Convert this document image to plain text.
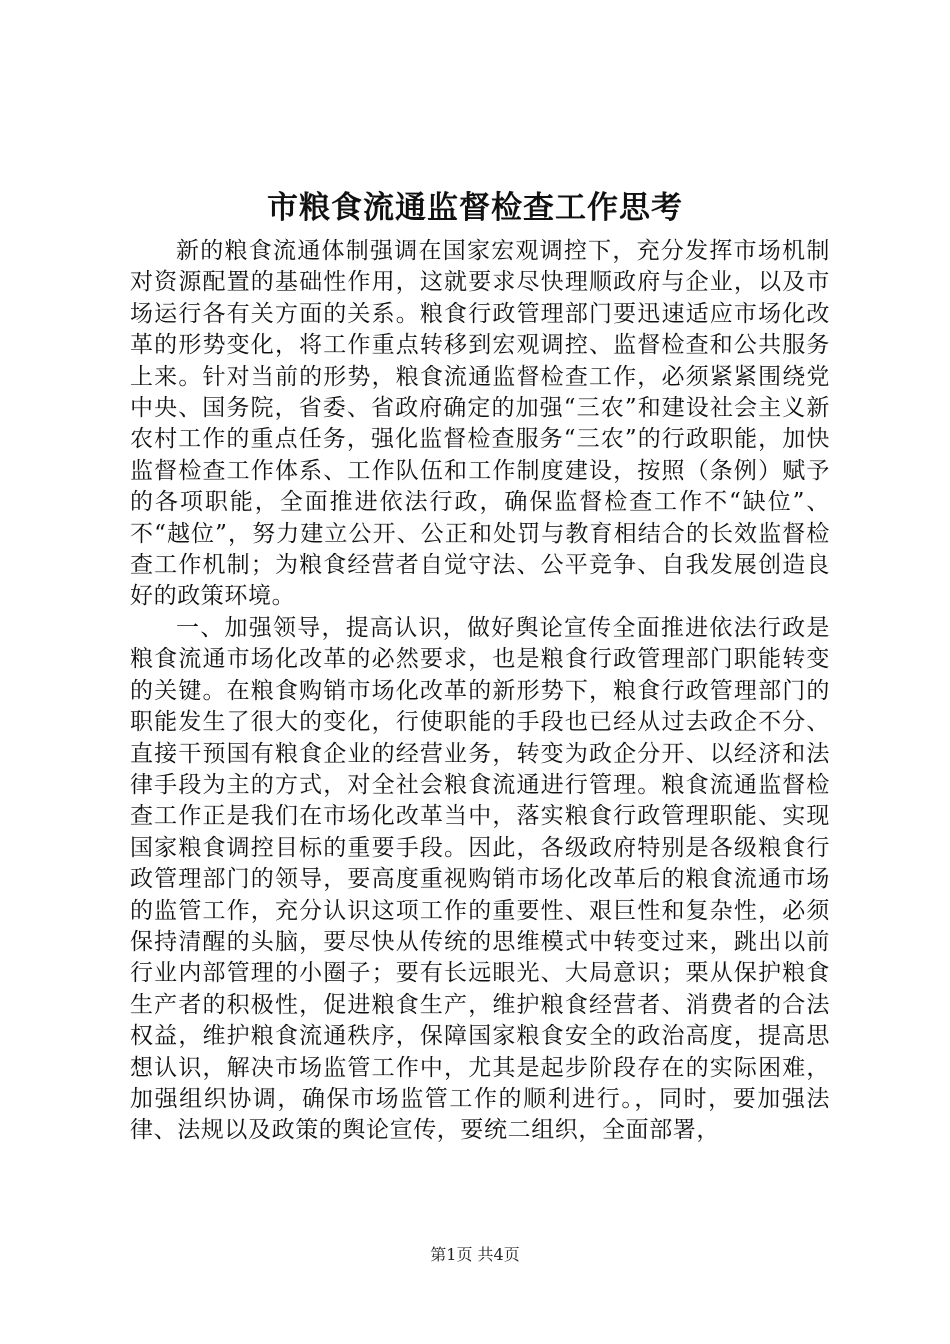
市粮食流通监督检查工作思考

新的粮食流通体制强调在国家宏观调控下，充分发挥市场机制对资源配置的基础性作用，这就要求尽快理顺政府与企业，以及市场运行各有关方面的关系。粮食行政管理部门要迅速适应市场化改革的形势变化，将工作重点转移到宏观调控、监督检查和公共服务上来。针对当前的形势，粮食流通监督检查工作，必须紧紧围绕党中央、国务院，省委、省政府确定的加强“三农”和建设社会主义新农村工作的重点任务，强化监督检查服务“三农”的行政职能，加快监督检查工作体系、工作队伍和工作制度建设，按照（条例）赋予的各项职能，全面推进依法行政，确保监督检查工作不“缺位”、不“越位”，努力建立公开、公正和处罚与教育相结合的长效监督检查工作机制；为粮食经营者自觉守法、公平竞争、自我发展创造良好的政策环境。

一、加强领导，提高认识，做好舆论宣传全面推进依法行政是粮食流通市场化改革的必然要求，也是粮食行政管理部门职能转变的关键。在粮食购销市场化改革的新形势下，粮食行政管理部门的职能发生了很大的变化，行使职能的手段也已经从过去政企不分、直接干预国有粮食企业的经营业务，转变为政企分开、以经济和法律手段为主的方式，对全社会粮食流通进行管理。粮食流通监督检查工作正是我们在市场化改革当中，落实粮食行政管理职能、实现国家粮食调控目标的重要手段。因此，各级政府特别是各级粮食行政管理部门的领导，要高度重视购销市场化改革后的粮食流通市场的监管工作，充分认识这项工作的重要性、艰巨性和复杂性，必须保持清醒的头脑，要尽快从传统的思维模式中转变过来，跳出以前行业内部管理的小圈子；要有长远眼光、大局意识；栗从保护粮食生产者的积极性，促进粮食生产，维护粮食经营者、消费者的合法权益，维护粮食流通秩序，保障国家粮食安全的政治高度，提高思想认识，解决市场监管工作中，尤其是起步阶段存在的实际困难，加强组织协调，确保市场监管工作的顺利进行。，同时，要加强法律、法规以及政策的舆论宣传，要统二组织，全面部署，

第1页 共4页
